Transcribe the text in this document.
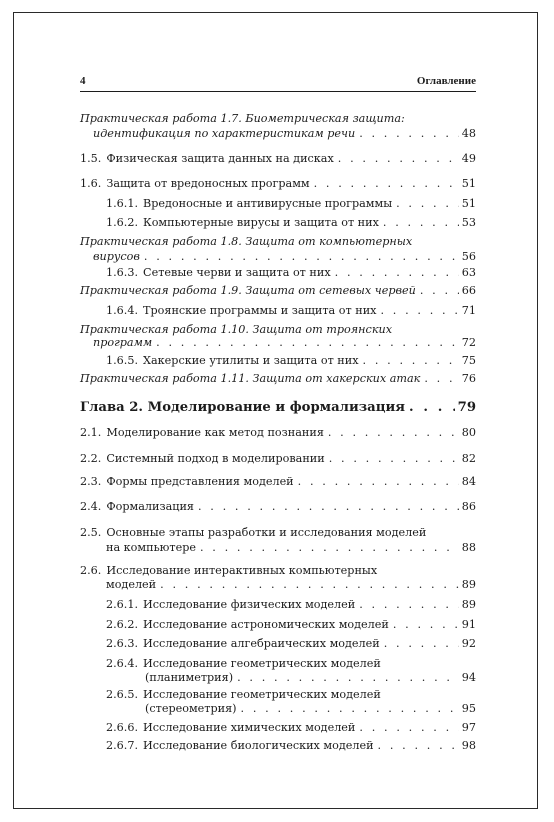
4	Оглавление
Практическая работа 1.7. Биометрическая защита:
идентификация по характеристикам речи . . .	48
1.5. Физическая защита данных на дисках . . .	49
1.6. Защита от вредоносных программ . . .	51
1.6.1. Вредоносные и антивирусные программы . . .	51
1.6.2. Компьютерные вирусы и защита от них . . .	53
Практическая работа 1.8. Защита от компьютерных
вирусов . . .	56
1.6.3. Сетевые черви и защита от них . . .	63
Практическая работа 1.9. Защита от сетевых червей . . .	66
1.6.4. Троянские программы и защита от них . . .	71
Практическая работа 1.10. Защита от троянских
программ . . .	72
1.6.5. Хакерские утилиты и защита от них . . .	75
Практическая работа 1.11. Защита от хакерских атак . . .	76
Глава 2. Моделирование и формализация . . .	79
2.1. Моделирование как метод познания . . .	80
2.2. Системный подход в моделировании . . .	82
2.3. Формы представления моделей . . .	84
2.4. Формализация . . .	86
2.5. Основные этапы разработки и исследования моделей
на компьютере . . .	88
2.6. Исследование интерактивных компьютерных
моделей . . .	89
2.6.1. Исследование физических моделей . . .	89
2.6.2. Исследование астрономических моделей . . .	91
2.6.3. Исследование алгебраических моделей . . .	92
2.6.4. Исследование геометрических моделей
(планиметрия) . . .	94
2.6.5. Исследование геометрических моделей
(стереометрия) . . .	95
2.6.6. Исследование химических моделей . . .	97
2.6.7. Исследование биологических моделей . . .	98
